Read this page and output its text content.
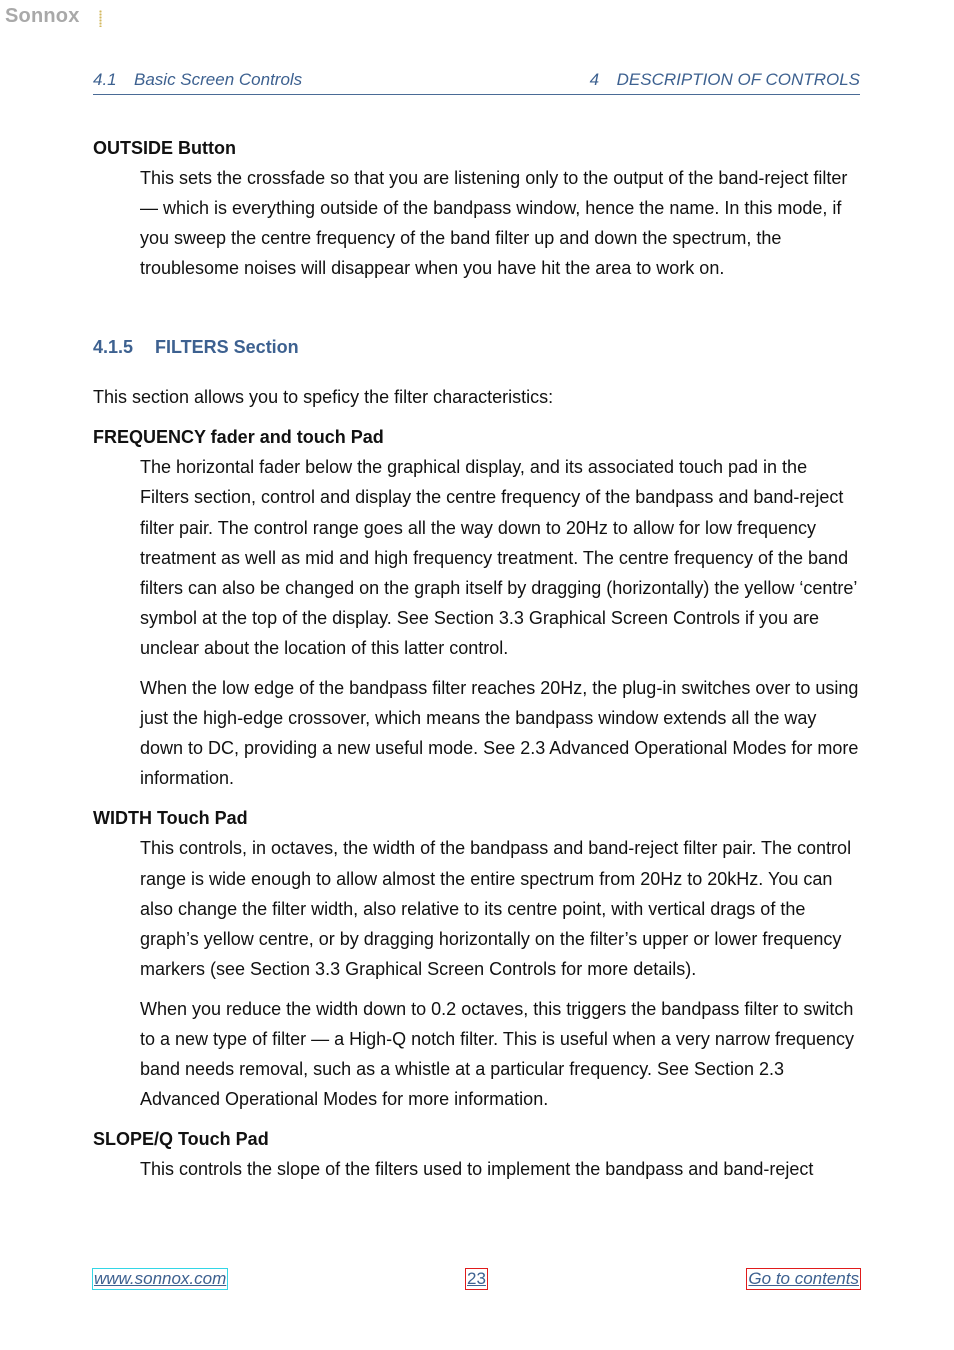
Sonnox
4.1 Basic Screen Controls	4 DESCRIPTION OF CONTROLS

OUTSIDE Button

This sets the crossfade so that you are listening only to the output of the band-reject filter — which is everything outside of the bandpass window, hence the name. In this mode, if you sweep the centre frequency of the band filter up and down the spectrum, the troublesome noises will disappear when you have hit the area to work on.

4.1.5 FILTERS Section

This section allows you to speficy the filter characteristics:

FREQUENCY fader and touch Pad

The horizontal fader below the graphical display, and its associated touch pad in the Filters section, control and display the centre frequency of the bandpass and band-reject filter pair. The control range goes all the way down to 20Hz to allow for low frequency treatment as well as mid and high frequency treatment. The centre frequency of the band filters can also be changed on the graph itself by dragging (horizontally) the yellow ‘centre’ symbol at the top of the display. See Section 3.3 Graphical Screen Controls if you are unclear about the location of this latter control.

When the low edge of the bandpass filter reaches 20Hz, the plug-in switches over to using just the high-edge crossover, which means the bandpass window extends all the way down to DC, providing a new useful mode. See 2.3 Advanced Operational Modes for more information.

WIDTH Touch Pad

This controls, in octaves, the width of the bandpass and band-reject filter pair. The control range is wide enough to allow almost the entire spectrum from 20Hz to 20kHz. You can also change the filter width, also relative to its centre point, with vertical drags of the graph’s yellow centre, or by dragging horizontally on the filter’s upper or lower frequency markers (see Section 3.3 Graphical Screen Controls for more details).

When you reduce the width down to 0.2 octaves, this triggers the bandpass filter to switch to a new type of filter — a High-Q notch filter. This is useful when a very narrow frequency band needs removal, such as a whistle at a particular frequency. See Section 2.3 Advanced Operational Modes for more information.

SLOPE/Q Touch Pad

This controls the slope of the filters used to implement the bandpass and band-reject

www.sonnox.com	23	Go to contents
